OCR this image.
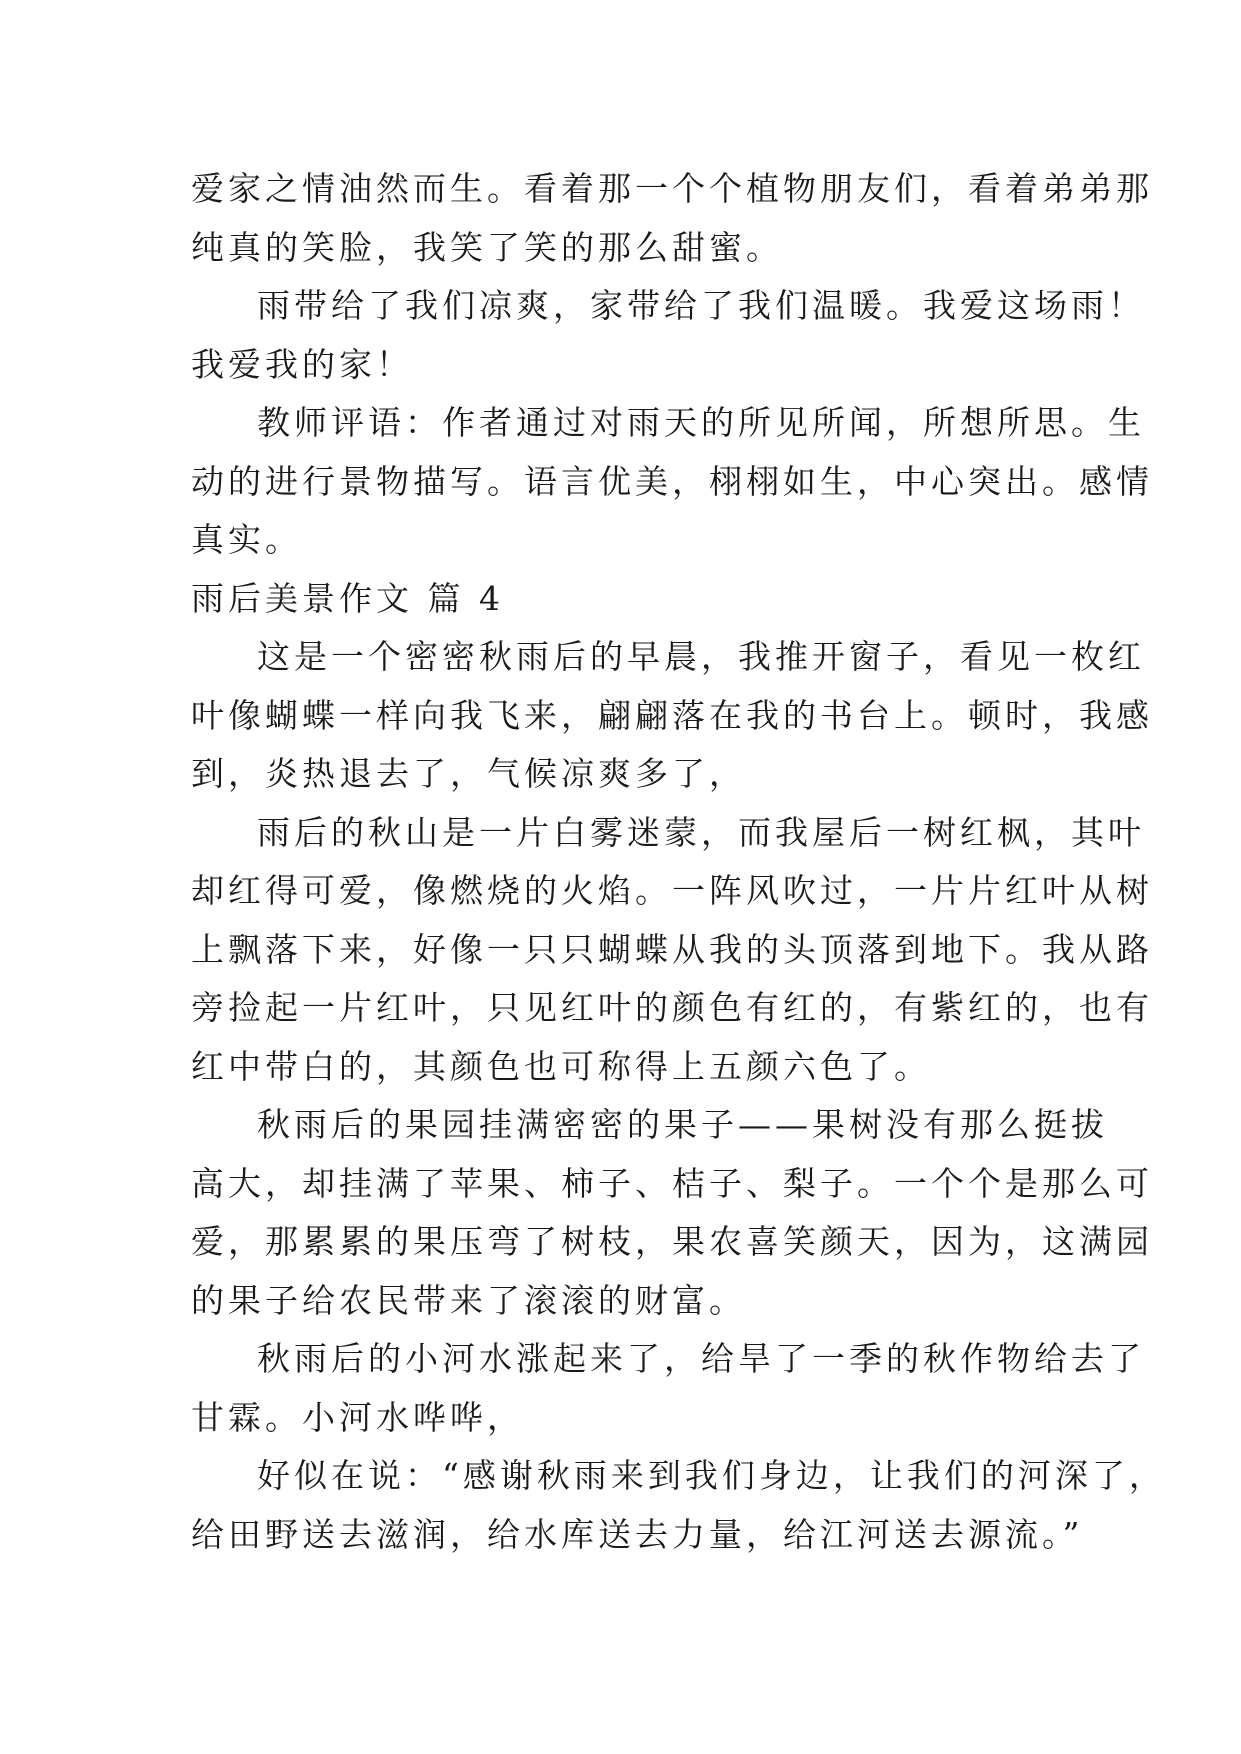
爱家之情油然而生。看着那一个个植物朋友们，看着弟弟那

纯真的笑脸，我笑了笑的那么甜蜜。

雨带给了我们凉爽，家带给了我们温暖。我爱这场雨！

我爱我的家！

教师评语：作者通过对雨天的所见所闻，所想所思。生

动的进行景物描写。语言优美，栩栩如生，中心突出。感情

真实。

雨后美景作文 篇 4

这是一个密密秋雨后的早晨，我推开窗子，看见一枚红

叶像蝴蝶一样向我飞来，翩翩落在我的书台上。顿时，我感

到，炎热退去了，气候凉爽多了，

雨后的秋山是一片白雾迷蒙，而我屋后一树红枫，其叶

却红得可爱，像燃烧的火焰。一阵风吹过，一片片红叶从树

上飘落下来，好像一只只蝴蝶从我的头顶落到地下。我从路

旁捡起一片红叶，只见红叶的颜色有红的，有紫红的，也有

红中带白的，其颜色也可称得上五颜六色了。

秋雨后的果园挂满密密的果子——果树没有那么挺拔

高大，却挂满了苹果、柿子、桔子、梨子。一个个是那么可

爱，那累累的果压弯了树枝，果农喜笑颜天，因为，这满园

的果子给农民带来了滚滚的财富。

秋雨后的小河水涨起来了，给旱了一季的秋作物给去了

甘霖。小河水哗哗，

好似在说：“感谢秋雨来到我们身边，让我们的河深了，

给田野送去滋润，给水库送去力量，给江河送去源流。”
